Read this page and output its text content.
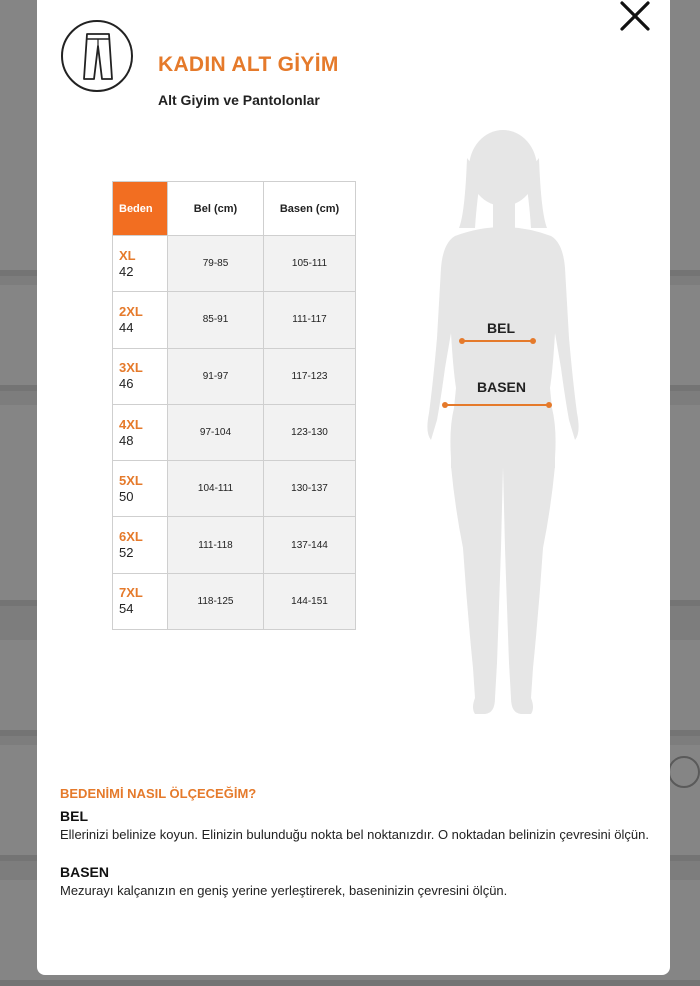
KADIN ALT GİYİM
Alt Giyim ve Pantolonlar
Beden	Bel (cm)	Basen (cm)

XL
42	79-85	105-111

2XL
44	85-91	111-117

3XL
46	91-97	117-123

4XL
48	97-104	123-130

5XL
50	104-111	130-137

6XL
52	111-118	137-144

7XL
54	118-125	144-151
BEL
BASEN
BEDENİMİ NASIL ÖLÇECEĞİM?
BEL
Ellerinizi belinize koyun. Elinizin bulunduğu nokta bel noktanızdır. O noktadan belinizin çevresini ölçün.
BASEN
Mezurayı kalçanızın en geniş yerine yerleştirerek, baseninizin çevresini ölçün.
